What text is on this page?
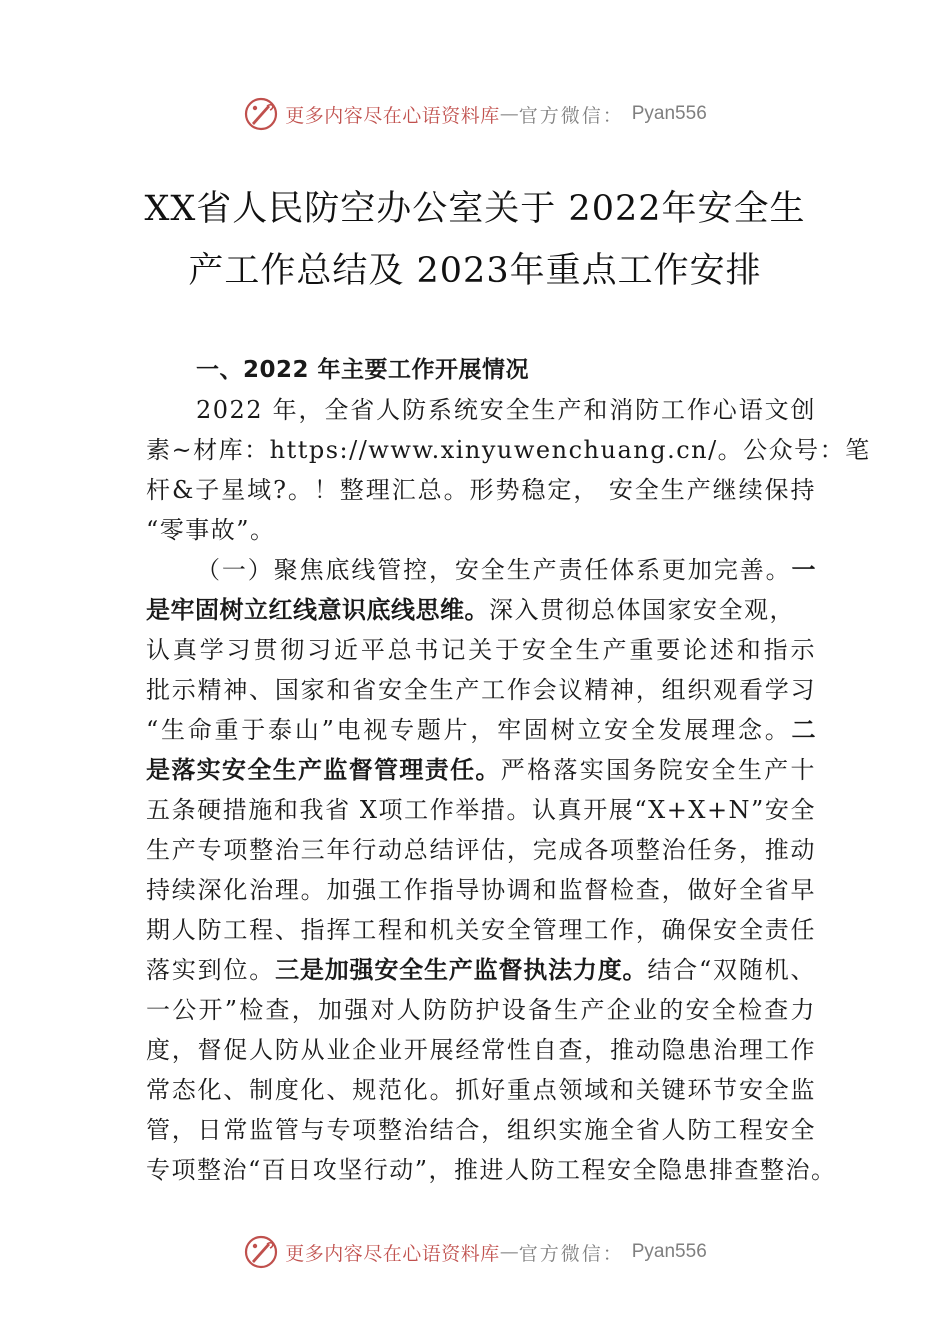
更多内容尽在心语资料库 — 官方微信： Pyan556
XX省人民防空办公室关于 2022年安全生
产工作总结及 2023年重点工作安排
一、2022 年主要工作开展情况
2022 年，全省人防系统安全生产和消防工作心语文创
素~材库：https://www.xinyuwenchuang.cn/。公众号：笔
杆&子星域?。！整理汇总。形势稳定， 安全生产继续保持
“零事故”。
（一）聚焦底线管控，安全生产责任体系更加完善。一
是牢固树立红线意识底线思维。深入贯彻总体国家安全观，
认真学习贯彻习近平总书记关于安全生产重要论述和指示
批示精神、国家和省安全生产工作会议精神，组织观看学习
“生命重于泰山”电视专题片，牢固树立安全发展理念。二
是落实安全生产监督管理责任。严格落实国务院安全生产十
五条硬措施和我省 X项工作举措。认真开展“X+X+N”安全
生产专项整治三年行动总结评估，完成各项整治任务，推动
持续深化治理。加强工作指导协调和监督检查，做好全省早
期人防工程、指挥工程和机关安全管理工作，确保安全责任
落实到位。三是加强安全生产监督执法力度。结合“双随机、
一公开”检查，加强对人防防护设备生产企业的安全检查力
度，督促人防从业企业开展经常性自查，推动隐患治理工作
常态化、制度化、规范化。抓好重点领域和关键环节安全监
管，日常监管与专项整治结合，组织实施全省人防工程安全
专项整治“百日攻坚行动”，推进人防工程安全隐患排查整治。
更多内容尽在心语资料库 — 官方微信： Pyan556
